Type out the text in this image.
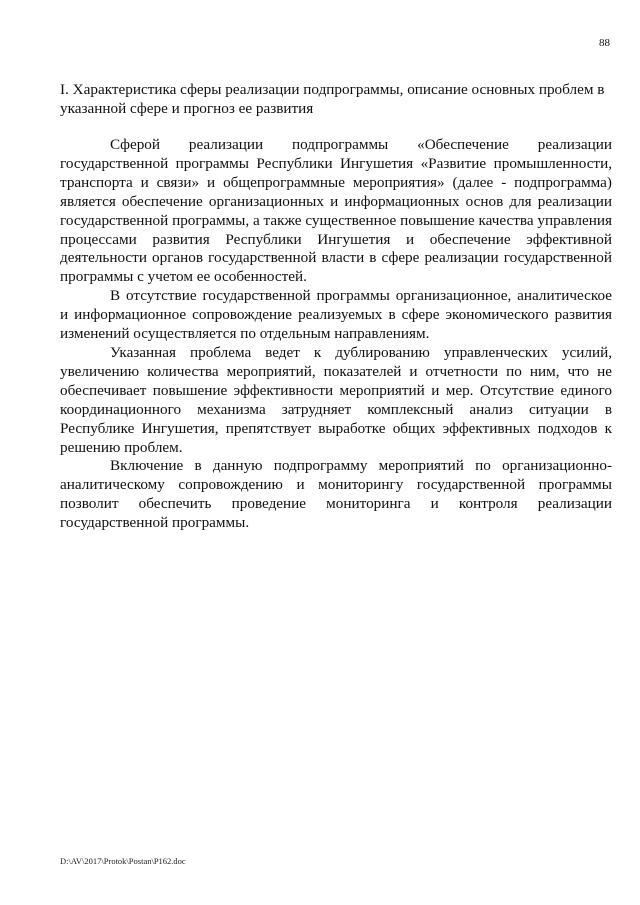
88
I. Характеристика сферы реализации подпрограммы, описание основных проблем в указанной сфере и прогноз ее развития

Сферой реализации подпрограммы «Обеспечение реализации государственной программы Республики Ингушетия «Развитие промышленности, транспорта и связи» и общепрограммные мероприятия» (далее - подпрограмма) является обеспечение организационных и информационных основ для реализации государственной программы, а также существенное повышение качества управления процессами развития Республики Ингушетия и обеспечение эффективной деятельности органов государственной власти в сфере реализации государственной программы с учетом ее особенностей.

В отсутствие государственной программы организационное, аналитическое и информационное сопровождение реализуемых в сфере экономического развития изменений осуществляется по отдельным направлениям.

Указанная проблема ведет к дублированию управленческих усилий, увеличению количества мероприятий, показателей и отчетности по ним, что не обеспечивает повышение эффективности мероприятий и мер. Отсутствие единого координационного механизма затрудняет комплексный анализ ситуации в Республике Ингушетия, препятствует выработке общих эффективных подходов к решению проблем.

Включение в данную подпрограмму мероприятий по организационно-аналитическому сопровождению и мониторингу государственной программы позволит обеспечить проведение мониторинга и контроля реализации государственной программы.

D:\AV\2017\Protok\Postan\P162.doc
